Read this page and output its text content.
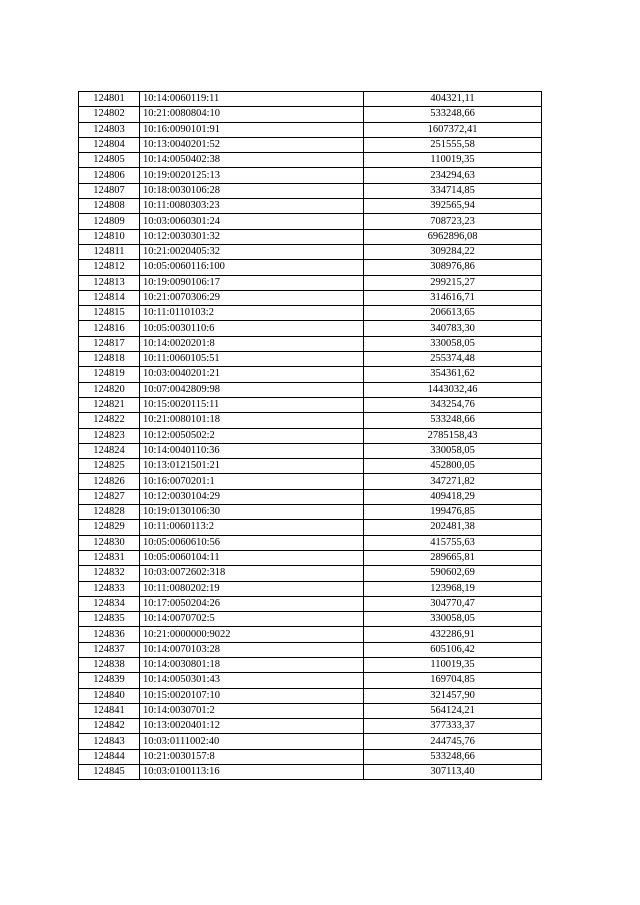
124801	10:14:0060119:11	404321,11
124802	10:21:0080804:10	533248,66
124803	10:16:0090101:91	1607372,41
124804	10:13:0040201:52	251555,58
124805	10:14:0050402:38	110019,35
124806	10:19:0020125:13	234294,63
124807	10:18:0030106:28	334714,85
124808	10:11:0080303:23	392565,94
124809	10:03:0060301:24	708723,23
124810	10:12:0030301:32	6962896,08
124811	10:21:0020405:32	309284,22
124812	10:05:0060116:100	308976,86
124813	10:19:0090106:17	299215,27
124814	10:21:0070306:29	314616,71
124815	10:11:0110103:2	206613,65
124816	10:05:0030110:6	340783,30
124817	10:14:0020201:8	330058,05
124818	10:11:0060105:51	255374,48
124819	10:03:0040201:21	354361,62
124820	10:07:0042809:98	1443032,46
124821	10:15:0020115:11	343254,76
124822	10:21:0080101:18	533248,66
124823	10:12:0050502:2	2785158,43
124824	10:14:0040110:36	330058,05
124825	10:13:0121501:21	452800,05
124826	10:16:0070201:1	347271,82
124827	10:12:0030104:29	409418,29
124828	10:19:0130106:30	199476,85
124829	10:11:0060113:2	202481,38
124830	10:05:0060610:56	415755,63
124831	10:05:0060104:11	289665,81
124832	10:03:0072602:318	590602,69
124833	10:11:0080202:19	123968,19
124834	10:17:0050204:26	304770,47
124835	10:14:0070702:5	330058,05
124836	10:21:0000000:9022	432286,91
124837	10:14:0070103:28	605106,42
124838	10:14:0030801:18	110019,35
124839	10:14:0050301:43	169704,85
124840	10:15:0020107:10	321457,90
124841	10:14:0030701:2	564124,21
124842	10:13:0020401:12	377333,37
124843	10:03:0111002:40	244745,76
124844	10:21:0030157:8	533248,66
124845	10:03:0100113:16	307113,40
